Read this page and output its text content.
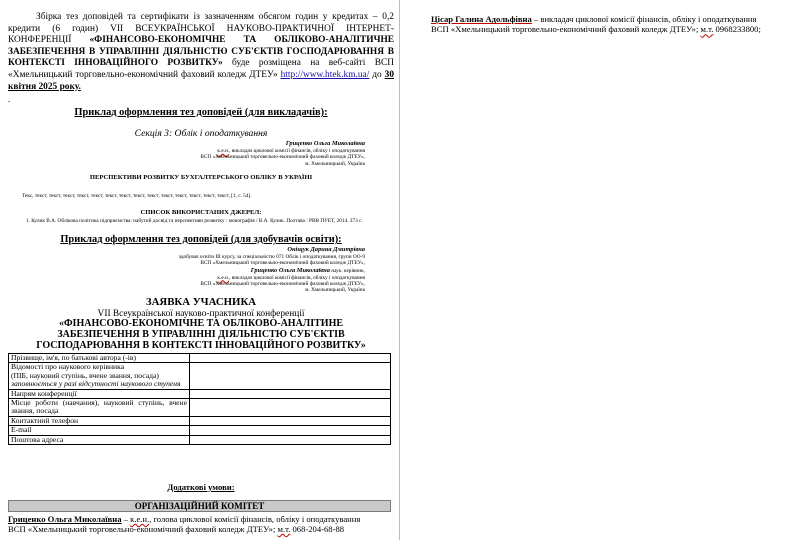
Збірка тез доповідей та сертифікати із зазначенням обсягом годин у кредитах – 0,2 кредити (6 годин) VII ВСЕУКРАЇНСЬКОЇ НАУКОВО-ПРАКТИЧНОЇ ІНТЕРНЕТ-КОНФЕРЕНЦІЇ «ФІНАНСОВО-ЕКОНОМІЧНЕ ТА ОБЛІКОВО-АНАЛІТИЧНЕ ЗАБЕЗПЕЧЕННЯ В УПРАВЛІННІ ДІЯЛЬНІСТЮ СУБ'ЄКТІВ ГОСПОДАРЮВАННЯ В КОНТЕКСТІ ІННОВАЦІЙНОГО РОЗВИТКУ» буде розміщена на веб-сайті ВСП «Хмельницький торговельно-економічний фаховий коледж ДТЕУ» http://www.htek.km.ua/ до 30 квітня 2025 року.
.
Приклад оформлення тез доповідей (для викладачів):
Секція 3: Облік і оподаткування
Гриценко Ольга Миколаївна
к.е.н., викладач циклової комісії фінансів, обліку і оподаткування
ВСП «Хмельницький торговельно-економічний фаховий коледж ДТЕУ»,
м. Хмельницький, Україна
ПЕРСПЕКТИВИ РОЗВИТКУ БУХГАЛТЕРСЬКОГО ОБЛІКУ В УКРАЇНІ
Текс, текст, текст, текст, текст, текст, текст, текст, текст, текст, текст, текст, текст, текст, текст, [1, с. 54].
СПИСОК ВИКОРИСТАНИХ ДЖЕРЕЛ:
1. Кулик В.А. Облікова політика підприємства: набутий досвід та перспективи розвитку : монографія / В.А. Кулик. Полтава : РВВ ПУЕТ, 2014. 373 с.
Приклад оформлення тез доповідей (для здобувачів освіти):
Оніщук Дарина Дмитрівна
здобувач освіти ІІІ курсу, за спеціальністю 071 Облік і оподаткування, групи ОО-9
ВСП «Хмельницький торговельно-економічний фаховий коледж ДТЕУ»,
Гриценко Ольга Миколаївна наук. керівник,
к.е.н., викладач циклової комісії фінансів, обліку і оподаткування
ВСП «Хмельницький торговельно-економічний фаховий коледж ДТЕУ»,
м. Хмельницький, Україна
ЗАЯВКА УЧАСНИКА
VII Всеукраїнської науково-практичної конференції
«ФІНАНСОВО-ЕКОНОМІЧНЕ ТА ОБЛІКОВО-АНАЛІТИНЕ ЗАБЕЗПЕЧЕННЯ В УПРАВЛІННІ ДІЯЛЬНІСТЮ СУБ'ЄКТІВ ГОСПОДАРЮВАННЯ В КОНТЕКСТІ ІННОВАЦІЙНОГО РОЗВИТКУ»
Прізвище, ім'я, по батькові автора (-ів)	

Відомості про наукового керівника
(ПІБ, науковий ступінь, вчене звання, посада)
заповнюється у разі відсутності наукового ступеня	

Напрям конференції	
Місце роботи (навчання), науковий ступінь, вчене звання, посада	
Контактний телефон	
E-mail	
Поштова адреса	
Додаткові умови:
ОРГАНІЗАЦІЙНИЙ КОМІТЕТ
Гриценко Ольга Миколаївна – к.е.н., голова циклової комісії фінансів, обліку і оподаткування
ВСП «Хмельницький торговельно-економічний фаховий коледж ДТЕУ»; м.т. 068-204-68-88
Цісар Галина Адольфівна – викладач циклової комісії фінансів, обліку і оподаткування
ВСП «Хмельницький торговельно-економічний фаховий коледж ДТЕУ»; м.т. 0968233800;
